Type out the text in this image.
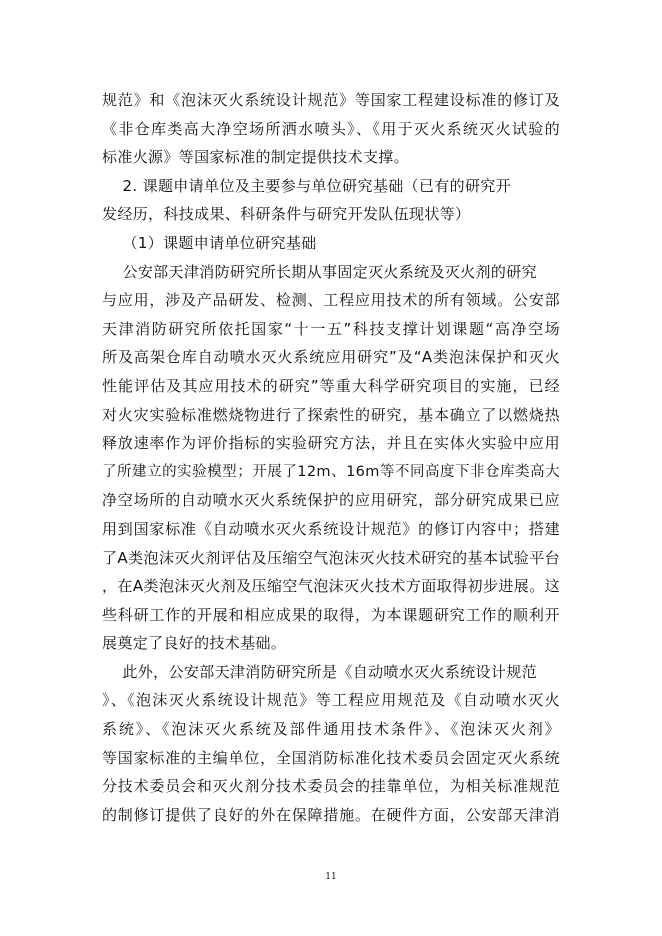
规范》和《泡沫灭火系统设计规范》等国家工程建设标准的修订及
《非仓库类高大净空场所洒水喷头》、《用于灭火系统灭火试验的
标准火源》等国家标准的制定提供技术支撑。
2. 课题申请单位及主要参与单位研究基础（已有的研究开
发经历，科技成果、科研条件与研究开发队伍现状等）
（1）课题申请单位研究基础
公安部天津消防研究所长期从事固定灭火系统及灭火剂的研究
与应用，涉及产品研发、检测、工程应用技术的所有领域。公安部
天津消防研究所依托国家“十一五”科技支撑计划课题“高净空场
所及高架仓库自动喷水灭火系统应用研究”及“A类泡沫保护和灭火
性能评估及其应用技术的研究”等重大科学研究项目的实施，已经
对火灾实验标准燃烧物进行了探索性的研究，基本确立了以燃烧热
释放速率作为评价指标的实验研究方法，并且在实体火实验中应用
了所建立的实验模型；开展了12m、16m等不同高度下非仓库类高大
净空场所的自动喷水灭火系统保护的应用研究，部分研究成果已应
用到国家标准《自动喷水灭火系统设计规范》的修订内容中；搭建
了A类泡沫灭火剂评估及压缩空气泡沫灭火技术研究的基本试验平台
，在A类泡沫灭火剂及压缩空气泡沫灭火技术方面取得初步进展。这
些科研工作的开展和相应成果的取得，为本课题研究工作的顺利开
展奠定了良好的技术基础。
此外，公安部天津消防研究所是《自动喷水灭火系统设计规范
》、《泡沫灭火系统设计规范》等工程应用规范及《自动喷水灭火
系统》、《泡沫灭火系统及部件通用技术条件》、《泡沫灭火剂》
等国家标准的主编单位，全国消防标准化技术委员会固定灭火系统
分技术委员会和灭火剂分技术委员会的挂靠单位，为相关标准规范
的制修订提供了良好的外在保障措施。在硬件方面，公安部天津消
11
